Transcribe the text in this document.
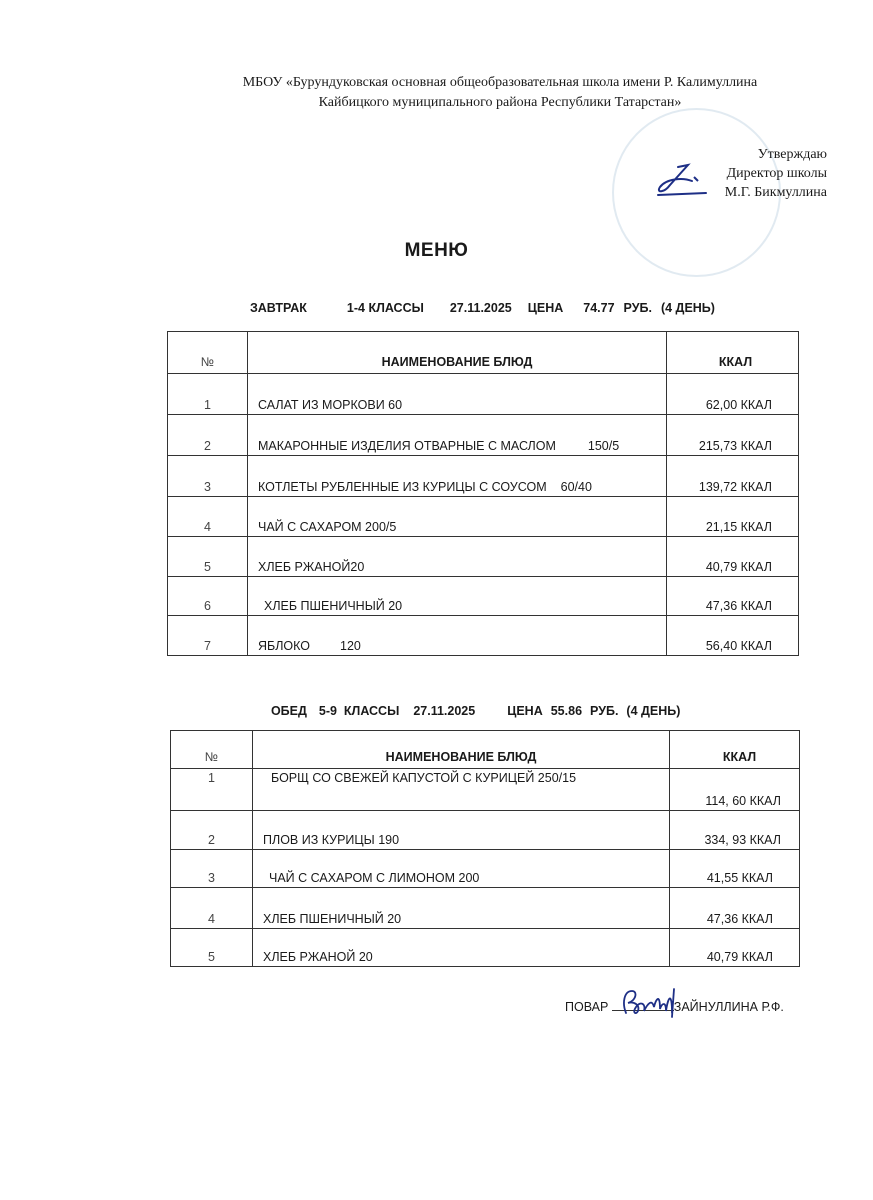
МБОУ «Бурундуковская основная общеобразовательная школа имени Р. Калимуллина
Кайбицкого муниципального района Республики Татарстан»
Утверждаю
Директор школы
М.Г. Бикмуллина
МЕНЮ

ЗАВТРАК	1-4 КЛАССЫ 27.11.2025 ЦЕНА 74.77 РУБ. (4 ДЕНЬ)

№	НАИМЕНОВАНИЕ БЛЮД	ККАЛ
1	САЛАТ ИЗ МОРКОВИ 60	62,00 ККАЛ
2	МАКАРОННЫЕ ИЗДЕЛИЯ ОТВАРНЫЕ С МАСЛОМ 150/5	215,73 ККАЛ
3	КОТЛЕТЫ РУБЛЕННЫЕ ИЗ КУРИЦЫ С СОУСОМ 60/40	139,72 ККАЛ
4	ЧАЙ С САХАРОМ 200/5	21,15 ККАЛ
5	ХЛЕБ РЖАНОЙ20	40,79 ККАЛ
6	ХЛЕБ ПШЕНИЧНЫЙ 20	47,36 ККАЛ
7	ЯБЛОКО 120	56,40 ККАЛ

ОБЕД 5-9  КЛАССЫ 27.11.2025	ЦЕНА 55.86 РУБ. (4 ДЕНЬ)

№	НАИМЕНОВАНИЕ БЛЮД	ККАЛ
1	БОРЩ СО СВЕЖЕЙ КАПУСТОЙ С КУРИЦЕЙ 250/15	114, 60 ККАЛ
2	ПЛОВ ИЗ КУРИЦЫ 190	334, 93 ККАЛ
3	ЧАЙ С САХАРОМ С ЛИМОНОМ 200	41,55 ККАЛ
4	ХЛЕБ ПШЕНИЧНЫЙ 20	47,36 ККАЛ
5	ХЛЕБ РЖАНОЙ 20	40,79 ККАЛ
ПОВАР	ЗАЙНУЛЛИНА Р.Ф.
